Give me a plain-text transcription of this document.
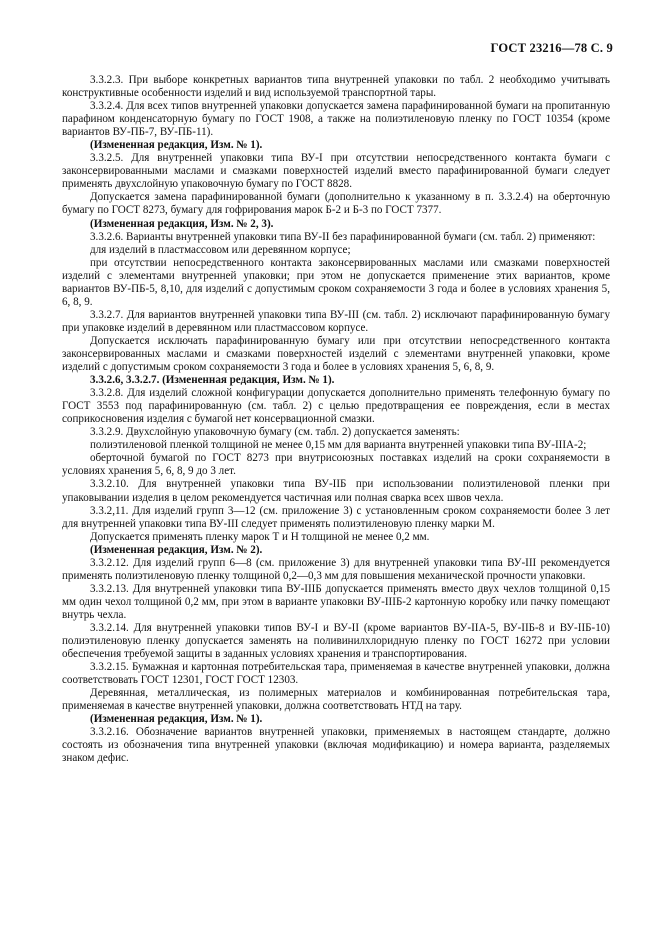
ГОСТ 23216—78 С. 9

3.3.2.3. При выборе конкретных вариантов типа внутренней упаковки по табл. 2 необходимо учитывать конструктивные особенности изделий и вид используемой транспортной тары.

3.3.2.4. Для всех типов внутренней упаковки допускается замена парафинированной бумаги на пропитанную парафином конденсаторную бумагу по ГОСТ 1908, а также на полиэтиленовую пленку по ГОСТ 10354 (кроме вариантов ВУ-ПБ-7, ВУ-ПБ-11).

(Измененная редакция, Изм. № 1).

3.3.2.5. Для внутренней упаковки типа ВУ-I при отсутствии непосредственного контакта бумаги с законсервированными маслами и смазками поверхностей изделий вместо парафинированной бумаги следует применять двухслойную упаковочную бумагу по ГОСТ 8828.

Допускается замена парафинированной бумаги (дополнительно к указанному в п. 3.3.2.4) на оберточную бумагу по ГОСТ 8273, бумагу для гофрирования марок Б-2 и Б-3 по ГОСТ 7377.

(Измененная редакция, Изм. № 2, 3).

3.3.2.6. Варианты внутренней упаковки типа ВУ-II без парафинированной бумаги (см. табл. 2) применяют:

для изделий в пластмассовом или деревянном корпусе;

при отсутствии непосредственного контакта законсервированных маслами или смазками поверхностей изделий с элементами внутренней упаковки; при этом не допускается применение этих вариантов, кроме вариантов ВУ-ПБ-5, 8,10, для изделий с допустимым сроком сохраняемости 3 года и более в условиях хранения 5, 6, 8, 9.

3.3.2.7. Для вариантов внутренней упаковки типа ВУ-III (см. табл. 2) исключают парафинированную бумагу при упаковке изделий в деревянном или пластмассовом корпусе.

Допускается исключать парафинированную бумагу или при отсутствии непосредственного контакта законсервированных маслами и смазками поверхностей изделий с элементами внутренней упаковки, кроме изделий с допустимым сроком сохраняемости 3 года и более в условиях хранения 5, 6, 8, 9.

3.3.2.6, 3.3.2.7. (Измененная редакция, Изм. № 1).

3.3.2.8. Для изделий сложной конфигурации допускается дополнительно применять телефонную бумагу по ГОСТ 3553 под парафинированную (см. табл. 2) с целью предотвращения ее повреждения, если в местах соприкосновения изделия с бумагой нет консервационной смазки.

3.3.2.9. Двухслойную упаковочную бумагу (см. табл. 2) допускается заменять:

полиэтиленовой пленкой толщиной не менее 0,15 мм для варианта внутренней упаковки типа ВУ-IIIА-2;

оберточной бумагой по ГОСТ 8273 при внутрисоюзных поставках изделий на сроки сохраняемости в условиях хранения 5, 6, 8, 9 до 3 лет.

3.3.2.10. Для внутренней упаковки типа ВУ-IIБ при использовании полиэтиленовой пленки при упаковывании изделия в целом рекомендуется частичная или полная сварка всех швов чехла.

3.3.2,11. Для изделий групп 3—12 (см. приложение 3) с установленным сроком сохраняемости более 3 лет для внутренней упаковки типа ВУ-III следует применять полиэтиленовую пленку марки М.

Допускается применять пленку марок Т и Н толщиной не менее 0,2 мм.

(Измененная редакция, Изм. № 2).

3.3.2.12. Для изделий групп 6—8 (см. приложение 3) для внутренней упаковки типа ВУ-III рекомендуется применять полиэтиленовую пленку толщиной 0,2—0,3 мм для повышения механической прочности упаковки.

3.3.2.13. Для внутренней упаковки типа ВУ-IIIБ допускается применять вместо двух чехлов толщиной 0,15 мм один чехол толщиной 0,2 мм, при этом в варианте упаковки ВУ-IIIБ-2 картонную коробку или пачку помещают внутрь чехла.

3.3.2.14. Для внутренней упаковки типов ВУ-I и ВУ-II (кроме вариантов ВУ-IIA-5, ВУ-IIБ-8 и ВУ-IIБ-10) полиэтиленовую пленку допускается заменять на поливинилхлоридную пленку по ГОСТ 16272 при условии обеспечения требуемой защиты в заданных условиях хранения и транспортирования.

3.3.2.15. Бумажная и картонная потребительская тара, применяемая в качестве внутренней упаковки, должна соответствовать ГОСТ 12301, ГОСТ ГОСТ 12303.

Деревянная, металлическая, из полимерных материалов и комбинированная потребительская тара, применяемая в качестве внутренней упаковки, должна соответствовать НТД на тару.

(Измененная редакция, Изм. № 1).

3.3.2.16. Обозначение вариантов внутренней упаковки, применяемых в настоящем стандарте, должно состоять из обозначения типа внутренней упаковки (включая модификацию) и номера варианта, разделяемых знаком дефис.
